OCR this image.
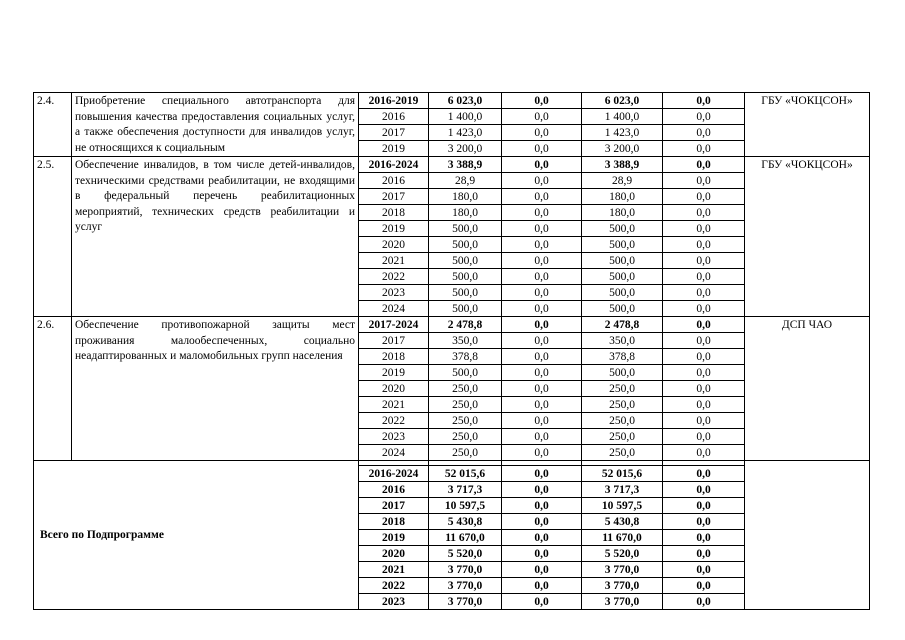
2.4.	Приобретение специального автотранспорта для повышения качества предоставления социальных услуг, а также обеспечения доступности для инвалидов услуг, не относящихся к социальным	2016-2019	6 023,0	0,0	6 023,0	0,0	ГБУ «ЧОКЦСОН»
		2016	1 400,0	0,0	1 400,0	0,0	
		2017	1 423,0	0,0	1 423,0	0,0	
		2019	3 200,0	0,0	3 200,0	0,0	
2.5.	Обеспечение инвалидов, в том числе детей-инвалидов, техническими средствами реабилитации, не входящими в федеральный перечень реабилитационных мероприятий, технических средств реабилитации и услуг	2016-2024	3 388,9	0,0	3 388,9	0,0	ГБУ «ЧОКЦСОН»
		2016	28,9	0,0	28,9	0,0	
		2017	180,0	0,0	180,0	0,0	
		2018	180,0	0,0	180,0	0,0	
		2019	500,0	0,0	500,0	0,0	
		2020	500,0	0,0	500,0	0,0	
		2021	500,0	0,0	500,0	0,0	
		2022	500,0	0,0	500,0	0,0	
		2023	500,0	0,0	500,0	0,0	
		2024	500,0	0,0	500,0	0,0	
2.6.	Обеспечение противопожарной защиты мест проживания малообеспеченных, социально неадаптированных и маломобильных групп населения	2017-2024	2 478,8	0,0	2 478,8	0,0	ДСП ЧАО
		2017	350,0	0,0	350,0	0,0	
		2018	378,8	0,0	378,8	0,0	
		2019	500,0	0,0	500,0	0,0	
		2020	250,0	0,0	250,0	0,0	
		2021	250,0	0,0	250,0	0,0	
		2022	250,0	0,0	250,0	0,0	
		2023	250,0	0,0	250,0	0,0	
		2024	250,0	0,0	250,0	0,0	
Всего по Подпрограмме							
		2016-2024	52 015,6	0,0	52 015,6	0,0	
		2016	3 717,3	0,0	3 717,3	0,0	
		2017	10 597,5	0,0	10 597,5	0,0	
		2018	5 430,8	0,0	5 430,8	0,0	
		2019	11 670,0	0,0	11 670,0	0,0	
		2020	5 520,0	0,0	5 520,0	0,0	
		2021	3 770,0	0,0	3 770,0	0,0	
		2022	3 770,0	0,0	3 770,0	0,0	
		2023	3 770,0	0,0	3 770,0	0,0	
